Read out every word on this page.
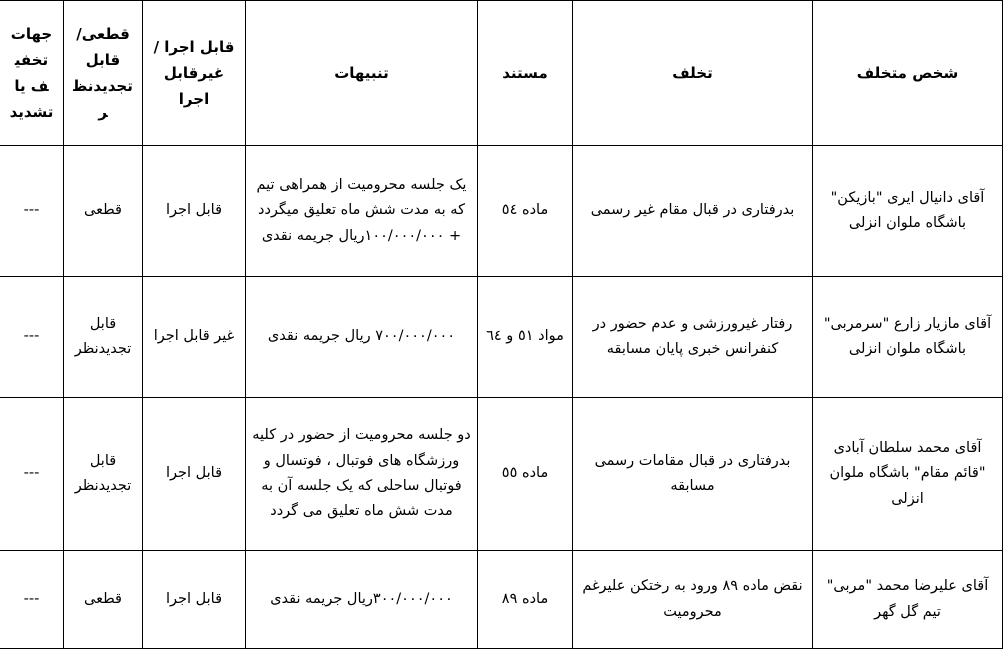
شخص متخلف	تخلف	مستند	تنبیهات	قابل اجرا /غیرقابل اجرا	قطعی/قابل تجدیدنظر	جهات تخفیف یا تشدید
آقای دانیال ایری "بازیکن" باشگاه ملوان انزلی	بدرفتاری در قبال مقام غیر رسمی	ماده ٥٤	یک جلسه محرومیت از همراهی تیم که به مدت شش ماه تعلیق میگردد + ١٠٠/٠٠٠/٠٠٠ريال جريمه نقدی	قابل اجرا	قطعی	---
آقای مازیار زارع "سرمربی" باشگاه ملوان انزلی	رفتار غیرورزشی و عدم حضور در کنفرانس خبری پایان مسابقه	مواد ٥١ و ٦٤	٧٠٠/٠٠٠/٠٠٠ ريال جريمه نقدی	غیر قابل اجرا	قابل تجدیدنظر	---
آقای محمد سلطان آبادی "قائم مقام" باشگاه ملوان انزلی	بدرفتاری در قبال مقامات رسمی مسابقه	ماده ٥٥	دو جلسه محرومیت از حضور در کلیه ورزشگاه های فوتبال ، فوتسال و فوتبال ساحلی که یک جلسه آن به مدت شش ماه تعلیق می گردد	قابل اجرا	قابل تجدیدنظر	---
آقای علیرضا محمد "مربی" تیم گل گهر	نقض ماده ٨٩ ورود به رختکن علیرغم محرومیت	ماده ٨٩	٣٠٠/٠٠٠/٠٠٠ريال جريمه نقدی	قابل اجرا	قطعی	---
